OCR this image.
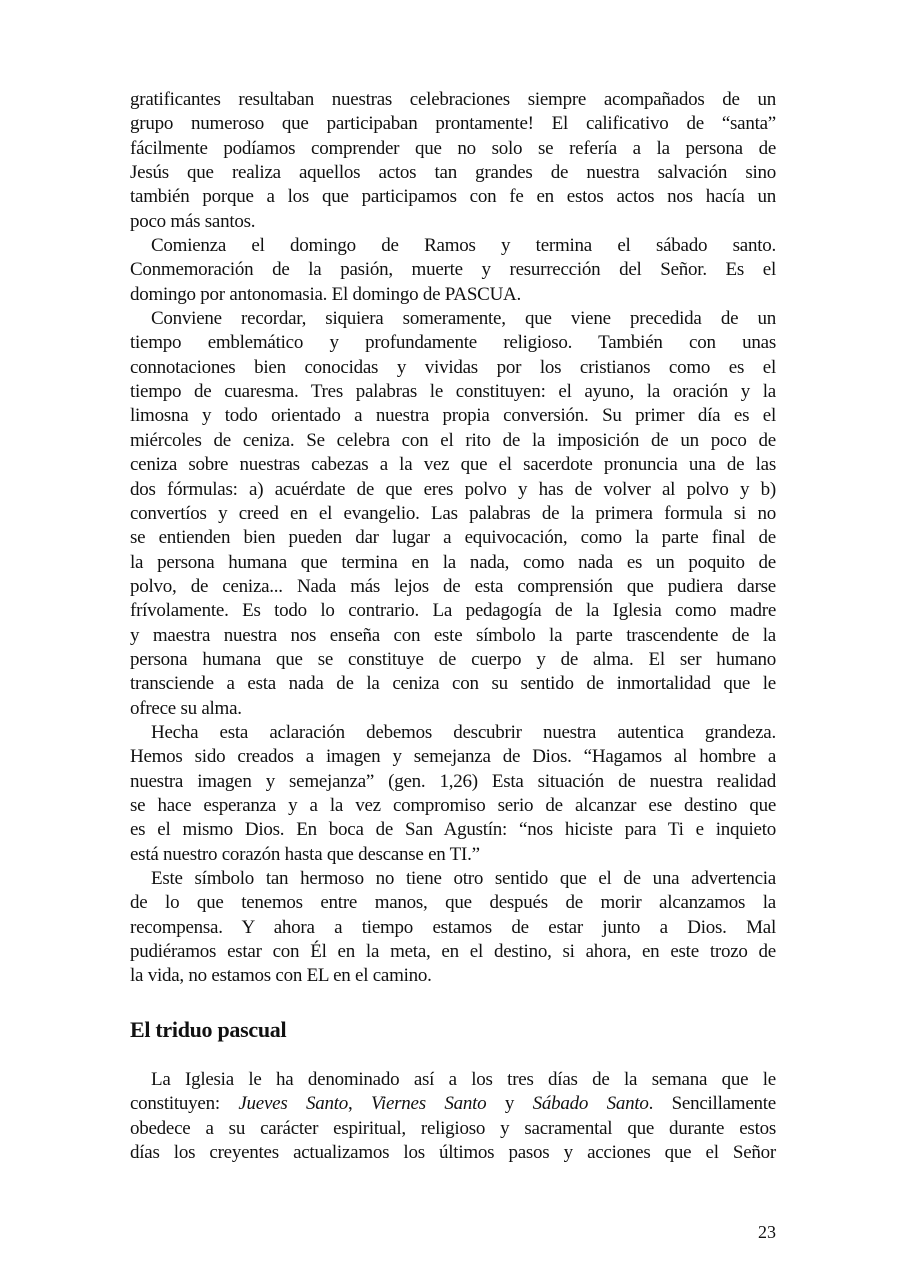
gratificantes resultaban nuestras celebraciones siempre acompañados de un
grupo numeroso que participaban prontamente! El calificativo de “santa”
fácilmente podíamos comprender que no solo se refería a la persona de
Jesús que realiza aquellos actos tan grandes de nuestra salvación sino
también porque a los que participamos con fe en estos actos nos hacía un
poco más santos.
Comienza el domingo de Ramos y termina el sábado santo.
Conmemoración de la pasión, muerte y resurrección del Señor. Es el
domingo por antonomasia. El domingo de PASCUA.
Conviene recordar, siquiera someramente, que viene precedida de un
tiempo emblemático y profundamente religioso. También con unas
connotaciones bien conocidas y vividas por los cristianos como es el
tiempo de cuaresma. Tres palabras le constituyen: el ayuno, la oración y la
limosna y todo orientado a nuestra propia conversión. Su primer día es el
miércoles de ceniza. Se celebra con el rito de la imposición de un poco de
ceniza sobre nuestras cabezas a la vez que el sacerdote pronuncia una de las
dos fórmulas: a) acuérdate de que eres polvo y has de volver al polvo y b)
convertíos y creed en el evangelio. Las palabras de la primera formula si no
se entienden bien pueden dar lugar a equivocación, como la parte final de
la persona humana que termina en la nada, como nada es un poquito de
polvo, de ceniza... Nada más lejos de esta comprensión que pudiera darse
frívolamente. Es todo lo contrario. La pedagogía de la Iglesia como madre
y maestra nuestra nos enseña con este símbolo la parte trascendente de la
persona humana que se constituye de cuerpo y de alma. El ser humano
transciende a esta nada de la ceniza con su sentido de inmortalidad que le
ofrece su alma.
Hecha esta aclaración debemos descubrir nuestra autentica grandeza.
Hemos sido creados a imagen y semejanza de Dios. “Hagamos al hombre a
nuestra imagen y semejanza” (gen. 1,26) Esta situación de nuestra realidad
se hace esperanza y a la vez compromiso serio de alcanzar ese destino que
es el mismo Dios. En boca de San Agustín: “nos hiciste para Ti e inquieto
está nuestro corazón hasta que descanse en TI.”
Este símbolo tan hermoso no tiene otro sentido que el de una advertencia
de lo que tenemos entre manos, que después de morir alcanzamos la
recompensa. Y ahora a tiempo estamos de estar junto a Dios. Mal
pudiéramos estar con Él en la meta, en el destino, si ahora, en este trozo de
la vida, no estamos con EL en el camino.
El triduo pascual
La Iglesia le ha denominado así a los tres días de la semana que le
constituyen: Jueves Santo, Viernes Santo y Sábado Santo. Sencillamente
obedece a su carácter espiritual, religioso y sacramental que durante estos
días los creyentes actualizamos los últimos pasos y acciones que el Señor
23
